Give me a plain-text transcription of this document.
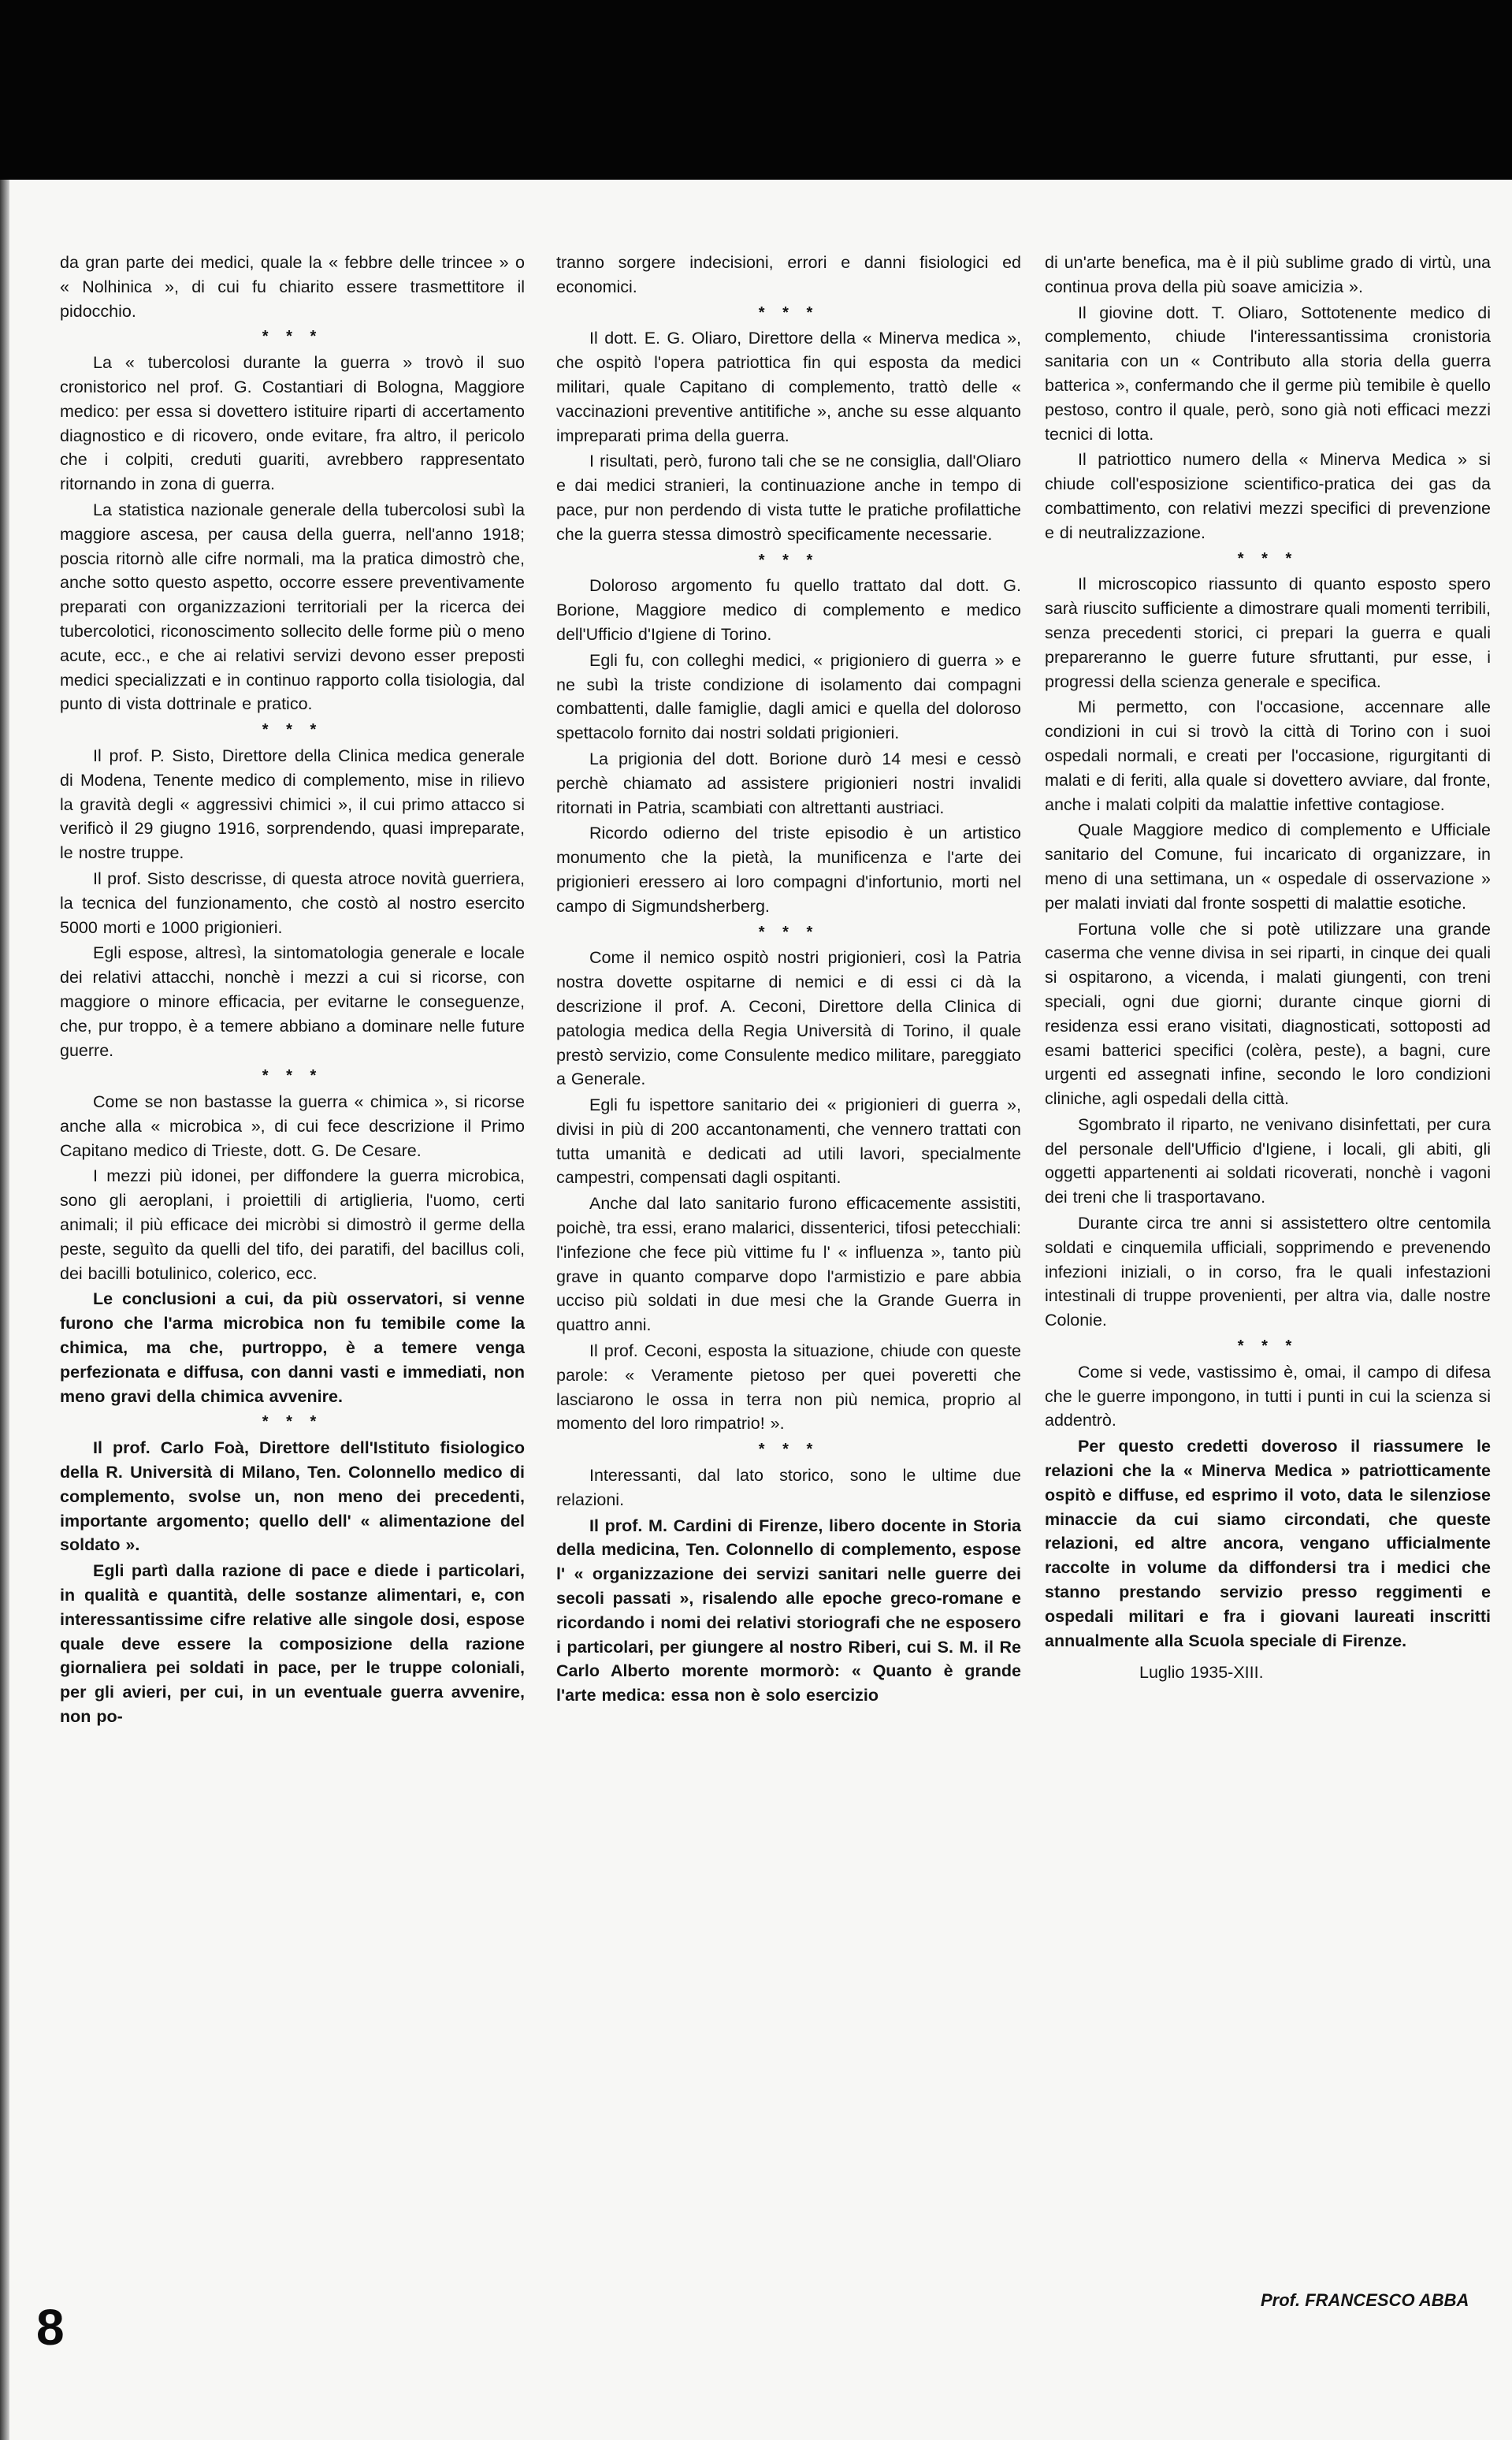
da gran parte dei medici, quale la « febbre delle trincee » o « Nolhinica », di cui fu chiarito essere trasmettitore il pidocchio.

* * *

La « tubercolosi durante la guerra » trovò il suo cronistorico nel prof. G. Costantiari di Bologna, Maggiore medico: per essa si dovettero istituire riparti di accertamento diagnostico e di ricovero, onde evitare, fra altro, il pericolo che i colpiti, creduti guariti, avrebbero rappresentato ritornando in zona di guerra.

La statistica nazionale generale della tubercolosi subì la maggiore ascesa, per causa della guerra, nell'anno 1918; poscia ritornò alle cifre normali, ma la pratica dimostrò che, anche sotto questo aspetto, occorre essere preventivamente preparati con organizzazioni territoriali per la ricerca dei tubercolotici, riconoscimento sollecito delle forme più o meno acute, ecc., e che ai relativi servizi devono esser preposti medici specializzati e in continuo rapporto colla tisiologia, dal punto di vista dottrinale e pratico.

* * *

Il prof. P. Sisto, Direttore della Clinica medica generale di Modena, Tenente medico di complemento, mise in rilievo la gravità degli « aggressivi chimici », il cui primo attacco si verificò il 29 giugno 1916, sorprendendo, quasi impreparate, le nostre truppe.

Il prof. Sisto descrisse, di questa atroce novità guerriera, la tecnica del funzionamento, che costò al nostro esercito 5000 morti e 1000 prigionieri.

Egli espose, altresì, la sintomatologia generale e locale dei relativi attacchi, nonchè i mezzi a cui si ricorse, con maggiore o minore efficacia, per evitarne le conseguenze, che, pur troppo, è a temere abbiano a dominare nelle future guerre.

* * *

Come se non bastasse la guerra « chimica », si ricorse anche alla « microbica », di cui fece descrizione il Primo Capitano medico di Trieste, dott. G. De Cesare.

I mezzi più idonei, per diffondere la guerra microbica, sono gli aeroplani, i proiettili di artiglieria, l'uomo, certi animali; il più efficace dei micròbi si dimostrò il germe della peste, seguìto da quelli del tifo, dei paratifi, del bacillus coli, dei bacilli botulinico, colerico, ecc.

Le conclusioni a cui, da più osservatori, si venne furono che l'arma microbica non fu temibile come la chimica, ma che, purtroppo, è a temere venga perfezionata e diffusa, con danni vasti e immediati, non meno gravi della chimica avvenire.

* * *

Il prof. Carlo Foà, Direttore dell'Istituto fisiologico della R. Università di Milano, Ten. Colonnello medico di complemento, svolse un, non meno dei precedenti, importante argomento; quello dell' « alimentazione del soldato ».

Egli partì dalla razione di pace e diede i particolari, in qualità e quantità, delle sostanze alimentari, e, con interessantissime cifre relative alle singole dosi, espose quale deve essere la composizione della razione giornaliera pei soldati in pace, per le truppe coloniali, per gli avieri, per cui, in un eventuale guerra avvenire, non po-

tranno sorgere indecisioni, errori e danni fisiologici ed economici.

* * *

Il dott. E. G. Oliaro, Direttore della « Minerva medica », che ospitò l'opera patriottica fin qui esposta da medici militari, quale Capitano di complemento, trattò delle « vaccinazioni preventive antitifiche », anche su esse alquanto impreparati prima della guerra.

I risultati, però, furono tali che se ne consiglia, dall'Oliaro e dai medici stranieri, la continuazione anche in tempo di pace, pur non perdendo di vista tutte le pratiche profilattiche che la guerra stessa dimostrò specificamente necessarie.

* * *

Doloroso argomento fu quello trattato dal dott. G. Borione, Maggiore medico di complemento e medico dell'Ufficio d'Igiene di Torino.

Egli fu, con colleghi medici, « prigioniero di guerra » e ne subì la triste condizione di isolamento dai compagni combattenti, dalle famiglie, dagli amici e quella del doloroso spettacolo fornito dai nostri soldati prigionieri.

La prigionia del dott. Borione durò 14 mesi e cessò perchè chiamato ad assistere prigionieri nostri invalidi ritornati in Patria, scambiati con altrettanti austriaci.

Ricordo odierno del triste episodio è un artistico monumento che la pietà, la munificenza e l'arte dei prigionieri eressero ai loro compagni d'infortunio, morti nel campo di Sigmundsherberg.

* * *

Come il nemico ospitò nostri prigionieri, così la Patria nostra dovette ospitarne di nemici e di essi ci dà la descrizione il prof. A. Ceconi, Direttore della Clinica di patologia medica della Regia Università di Torino, il quale prestò servizio, come Consulente medico militare, pareggiato a Generale.

Egli fu ispettore sanitario dei « prigionieri di guerra », divisi in più di 200 accantonamenti, che vennero trattati con tutta umanità e dedicati ad utili lavori, specialmente campestri, compensati dagli ospitanti.

Anche dal lato sanitario furono efficacemente assistiti, poichè, tra essi, erano malarici, dissenterici, tifosi petecchiali: l'infezione che fece più vittime fu l' « influenza », tanto più grave in quanto comparve dopo l'armistizio e pare abbia ucciso più soldati in due mesi che la Grande Guerra in quattro anni.

Il prof. Ceconi, esposta la situazione, chiude con queste parole: « Veramente pietoso per quei poveretti che lasciarono le ossa in terra non più nemica, proprio al momento del loro rimpatrio! ».

* * *

Interessanti, dal lato storico, sono le ultime due relazioni.

Il prof. M. Cardini di Firenze, libero docente in Storia della medicina, Ten. Colonnello di complemento, espose l' « organizzazione dei servizi sanitari nelle guerre dei secoli passati », risalendo alle epoche greco-romane e ricordando i nomi dei relativi storiografi che ne esposero i particolari, per giungere al nostro Riberi, cui S. M. il Re Carlo Alberto morente mormorò: « Quanto è grande l'arte medica: essa non è solo esercizio

di un'arte benefica, ma è il più sublime grado di virtù, una continua prova della più soave amicizia ».

Il giovine dott. T. Oliaro, Sottotenente medico di complemento, chiude l'interessantissima cronistoria sanitaria con un « Contributo alla storia della guerra batterica », confermando che il germe più temibile è quello pestoso, contro il quale, però, sono già noti efficaci mezzi tecnici di lotta.

Il patriottico numero della « Minerva Medica » si chiude coll'esposizione scientifico-pratica dei gas da combattimento, con relativi mezzi specifici di prevenzione e di neutralizzazione.

* * *

Il microscopico riassunto di quanto esposto spero sarà riuscito sufficiente a dimostrare quali momenti terribili, senza precedenti storici, ci prepari la guerra e quali prepareranno le guerre future sfruttanti, pur esse, i progressi della scienza generale e specifica.

Mi permetto, con l'occasione, accennare alle condizioni in cui si trovò la città di Torino con i suoi ospedali normali, e creati per l'occasione, rigurgitanti di malati e di feriti, alla quale si dovettero avviare, dal fronte, anche i malati colpiti da malattie infettive contagiose.

Quale Maggiore medico di complemento e Ufficiale sanitario del Comune, fui incaricato di organizzare, in meno di una settimana, un « ospedale di osservazione » per malati inviati dal fronte sospetti di malattie esotiche.

Fortuna volle che si potè utilizzare una grande caserma che venne divisa in sei riparti, in cinque dei quali si ospitarono, a vicenda, i malati giungenti, con treni speciali, ogni due giorni; durante cinque giorni di residenza essi erano visitati, diagnosticati, sottoposti ad esami batterici specifici (colèra, peste), a bagni, cure urgenti ed assegnati infine, secondo le loro condizioni cliniche, agli ospedali della città.

Sgombrato il riparto, ne venivano disinfettati, per cura del personale dell'Ufficio d'Igiene, i locali, gli abiti, gli oggetti appartenenti ai soldati ricoverati, nonchè i vagoni dei treni che li trasportavano.

Durante circa tre anni si assistettero oltre centomila soldati e cinquemila ufficiali, sopprimendo e prevenendo infezioni iniziali, o in corso, fra le quali infestazioni intestinali di truppe provenienti, per altra via, dalle nostre Colonie.

* * *

Come si vede, vastissimo è, omai, il campo di difesa che le guerre impongono, in tutti i punti in cui la scienza si addentrò.

Per questo credetti doveroso il riassumere le relazioni che la « Minerva Medica » patriotticamente ospitò e diffuse, ed esprimo il voto, data le silenziose minaccie da cui siamo circondati, che queste relazioni, ed altre ancora, vengano ufficialmente raccolte in volume da diffondersi tra i medici che stanno prestando servizio presso reggimenti e ospedali militari e fra i giovani laureati inscritti annualmente alla Scuola speciale di Firenze.

Luglio 1935-XIII.

Prof. FRANCESCO ABBA
8
